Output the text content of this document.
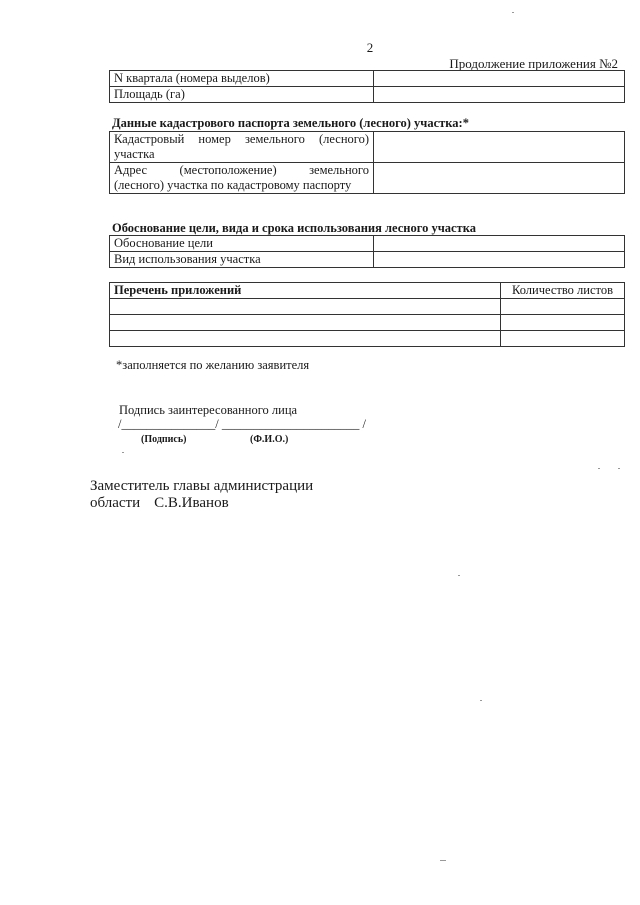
2
Продолжение приложения №2
N квартала (номера выделов)	
Площадь (га)	
Данные кадастрового паспорта земельного (лесного) участка:*
Кадастровый номер земельного (лесного)
участка	

Адрес (местоположение) земельного
(лесного) участка по кадастровому паспорту	

Обоснование цели, вида и срока использования лесного участка
Обоснование цели	
Вид использования участка	
Перечень приложений	Количество листов

*заполняется по желанию заявителя
Подпись заинтересованного лица
/_______________/ ______________________ /
(Подпись)	(Ф.И.О.)
Заместитель главы администрации
области С.В.Иванов
